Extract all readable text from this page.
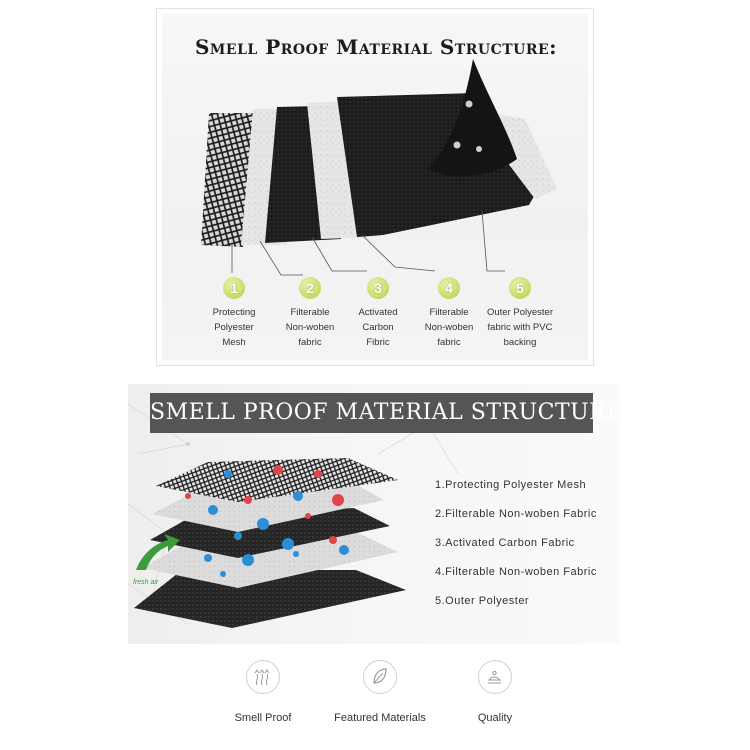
Smell Proof Material Structure:
1	2	3	4	5
Protecting
Polyester
Mesh
Filterable
Non-woben
fabric
Activated
Carbon
Fibric
Filterable
Non-woben
fabric
Outer Polyester
fabric with PVC
backing
SMELL PROOF MATERIAL STRUCTURE
fresh air
1.Protecting Polyester Mesh
2.Filterable Non-woben Fabric
3.Activated Carbon Fabric
4.Filterable Non-woben Fabric
5.Outer Polyester
Smell Proof	Featured Materials	Quality
